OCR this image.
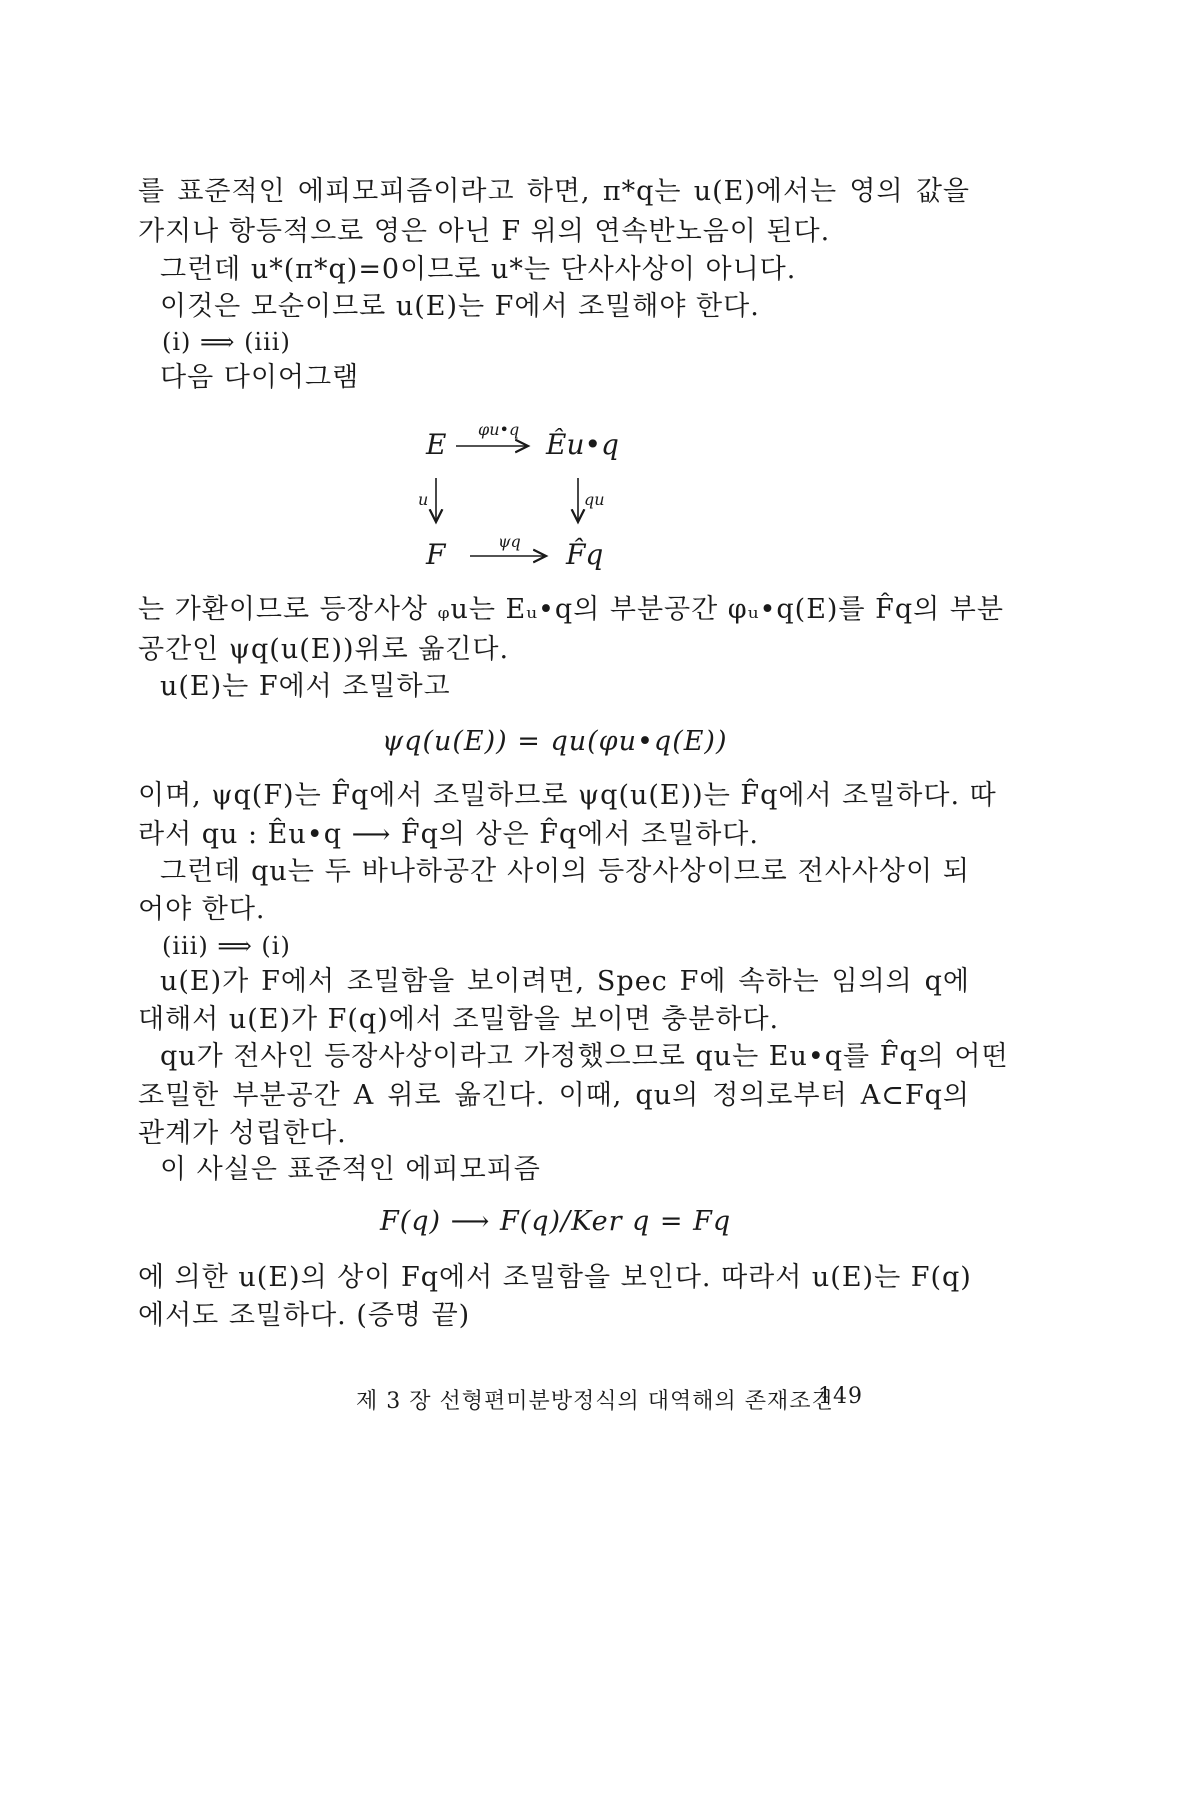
를 표준적인 에피모피즘이라고 하면, π*q는 u(E)에서는 영의 값을
가지나 항등적으로 영은 아닌 F 위의 연속반노음이 된다.
그런데 u*(π*q)=0이므로 u*는 단사사상이 아니다.
이것은 모순이므로 u(E)는 F에서 조밀해야 한다.
(i) ⟹ (iii)
다음 다이어그램
E	Êu•q
F	F̂q
φu•q
ψq
u	qu
는 가환이므로 등장사상 ᵩu는 Eᵤ•q의 부분공간 φᵤ•q(E)를 F̂q의 부분
공간인 ψq(u(E))위로 옮긴다.
u(E)는 F에서 조밀하고
ψq(u(E)) = qu(φu•q(E))
이며, ψq(F)는 F̂q에서 조밀하므로 ψq(u(E))는 F̂q에서 조밀하다. 따
라서 qu : Êu•q ⟶ F̂q의 상은 F̂q에서 조밀하다.
그런데 qu는 두 바나하공간 사이의 등장사상이므로 전사사상이 되
어야 한다.
(iii) ⟹ (i)
u(E)가 F에서 조밀함을 보이려면, Spec F에 속하는 임의의 q에
대해서 u(E)가 F(q)에서 조밀함을 보이면 충분하다.
qu가 전사인 등장사상이라고 가정했으므로 qu는 Eu•q를 F̂q의 어떤
조밀한 부분공간 A 위로 옮긴다. 이때, qu의 정의로부터 A⊂Fq의
관계가 성립한다.
이 사실은 표준적인 에피모피즘
F(q) ⟶ F(q)/Ker q = Fq
에 의한 u(E)의 상이 Fq에서 조밀함을 보인다. 따라서 u(E)는 F(q)
에서도 조밀하다. (증명 끝)
제 3 장 선형편미분방정식의 대역해의 존재조건
149
